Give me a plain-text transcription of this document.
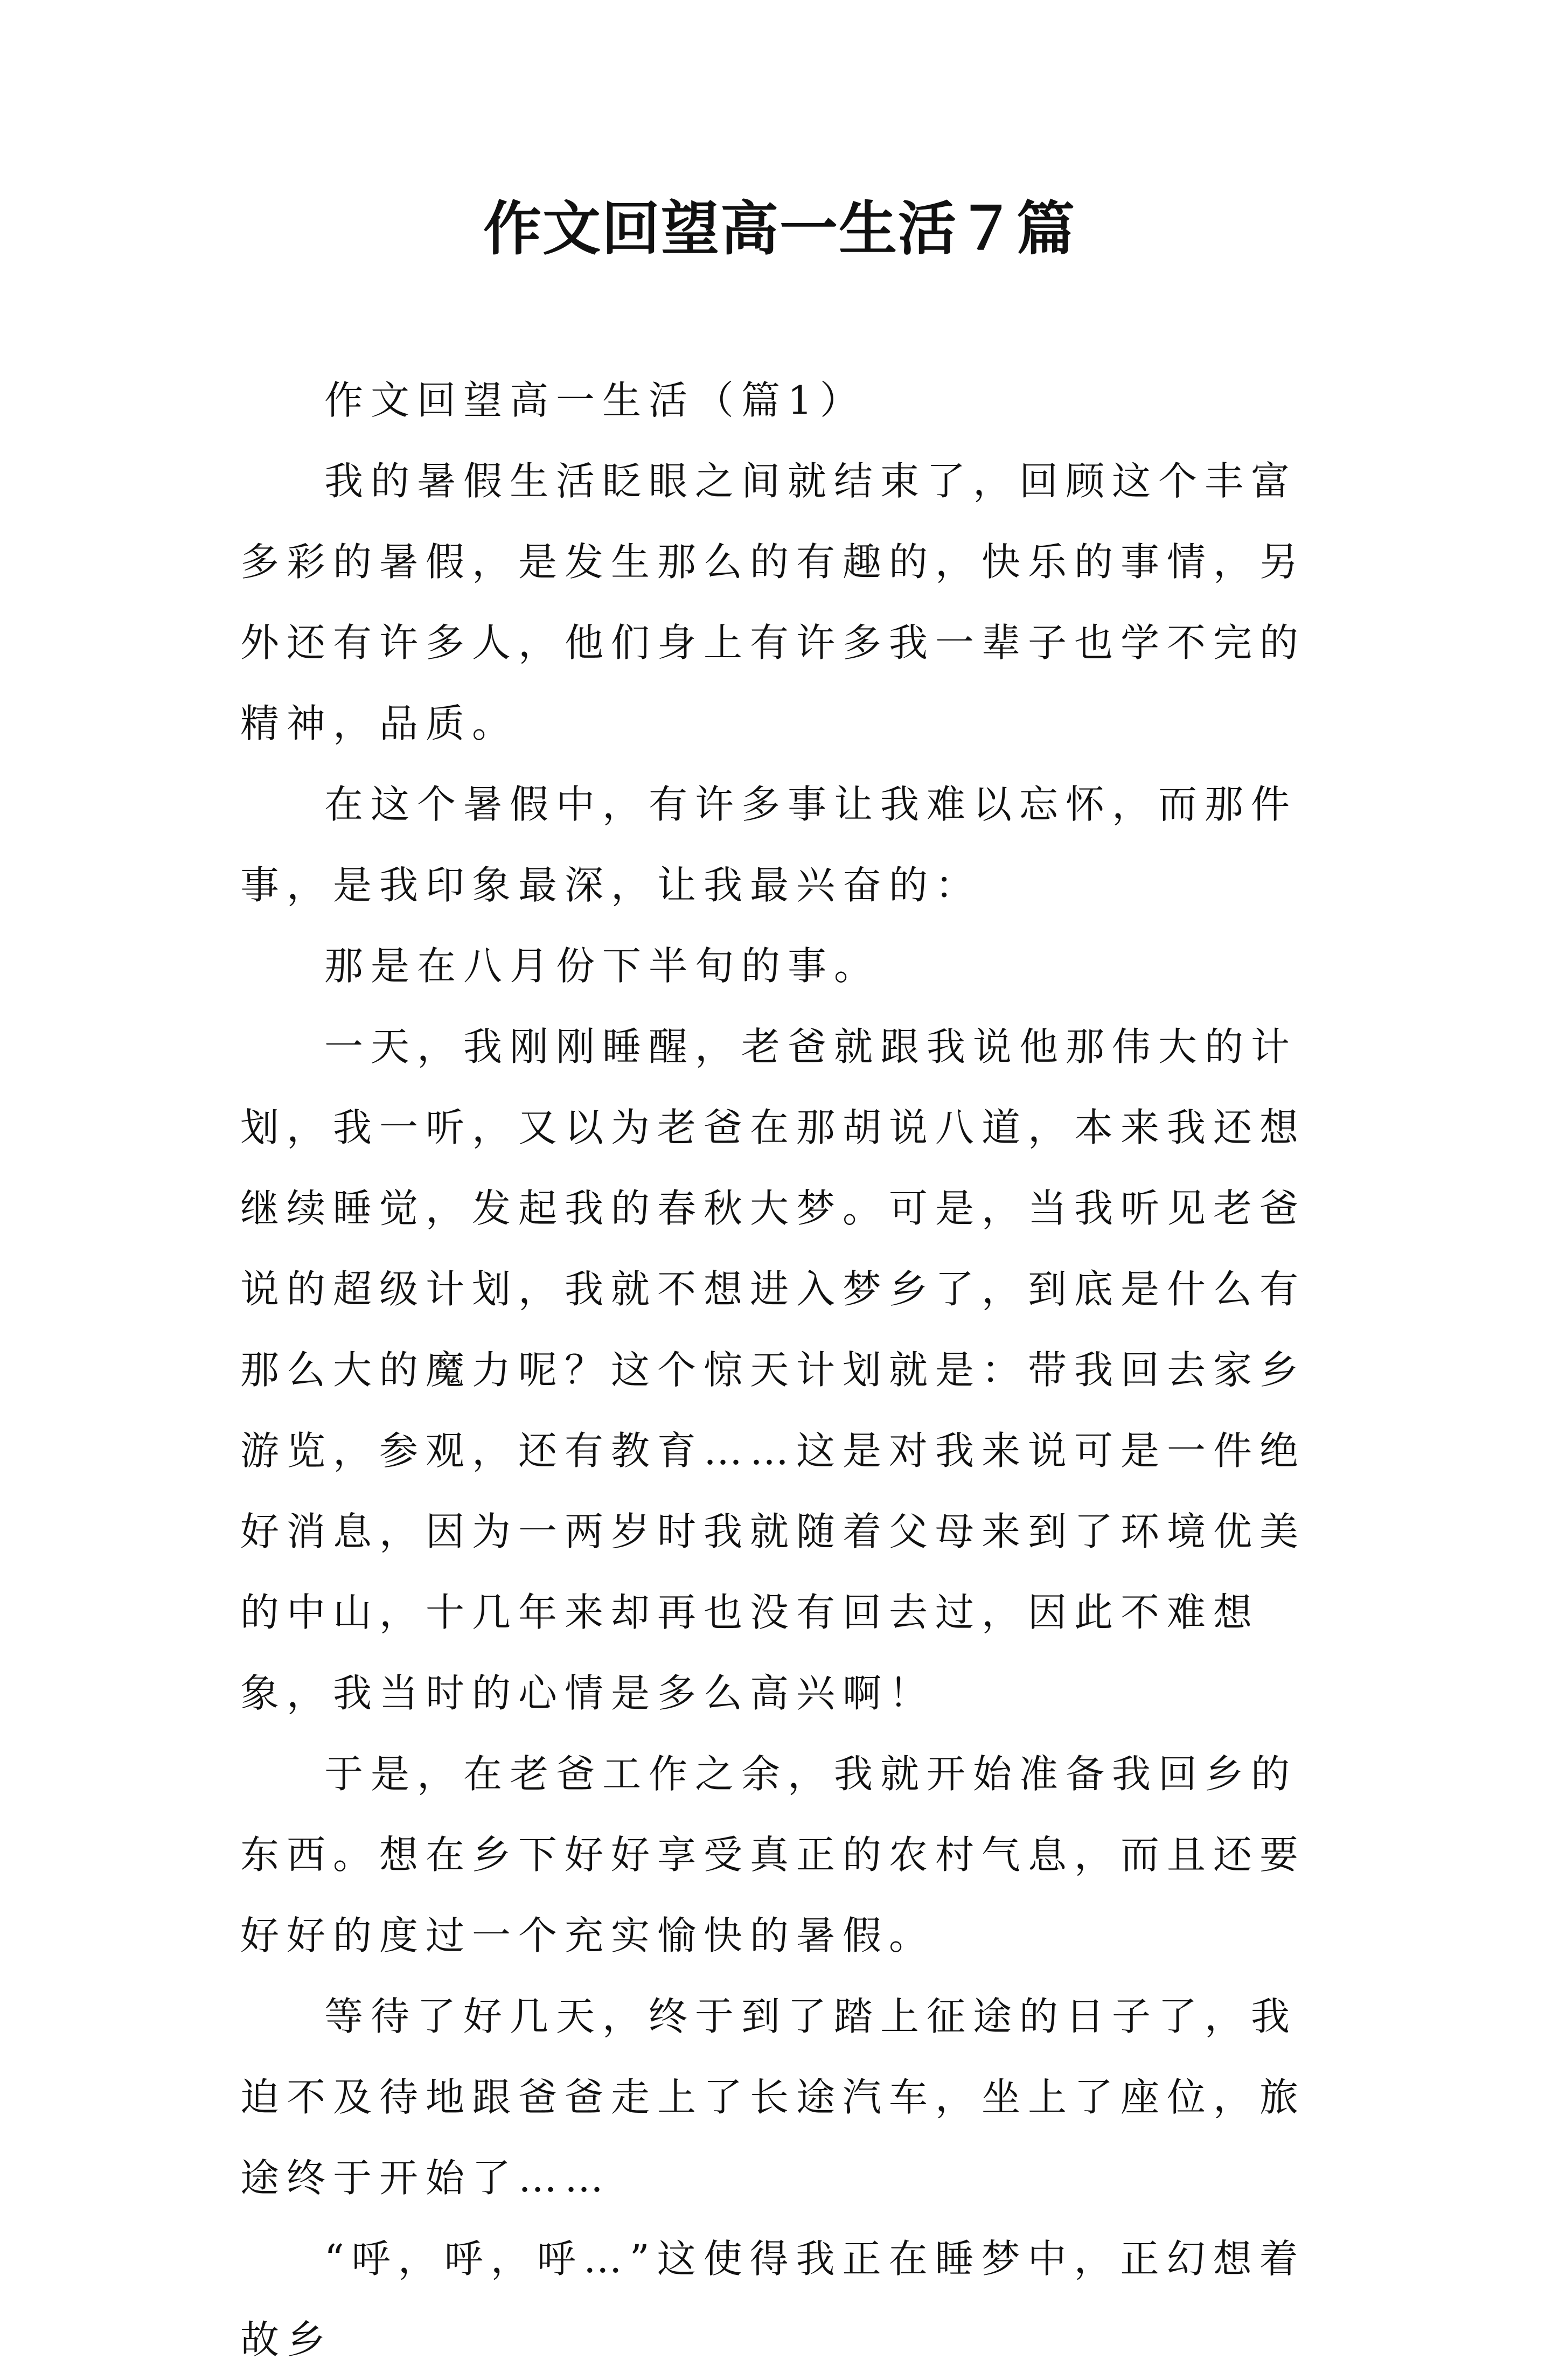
作文回望高一生活７篇

作文回望高一生活（篇1）

我的暑假生活眨眼之间就结束了，回顾这个丰富多彩的暑假，是发生那么的有趣的，快乐的事情，另外还有许多人，他们身上有许多我一辈子也学不完的精神，品质。

在这个暑假中，有许多事让我难以忘怀，而那件事，是我印象最深，让我最兴奋的：

那是在八月份下半旬的事。

一天，我刚刚睡醒，老爸就跟我说他那伟大的计划，我一听，又以为老爸在那胡说八道，本来我还想继续睡觉，发起我的春秋大梦。可是，当我听见老爸说的超级计划，我就不想进入梦乡了，到底是什么有那么大的魔力呢？这个惊天计划就是：带我回去家乡游览，参观，还有教育……这是对我来说可是一件绝好消息，因为一两岁时我就随着父母来到了环境优美的中山，十几年来却再也没有回去过，因此不难想象，我当时的心情是多么高兴啊！

于是，在老爸工作之余，我就开始准备我回乡的东西。想在乡下好好享受真正的农村气息，而且还要好好的度过一个充实愉快的暑假。

等待了好几天，终于到了踏上征途的日子了，我迫不及待地跟爸爸走上了长途汽车，坐上了座位，旅途终于开始了……

“呼，呼，呼…”这使得我正在睡梦中，正幻想着故乡
